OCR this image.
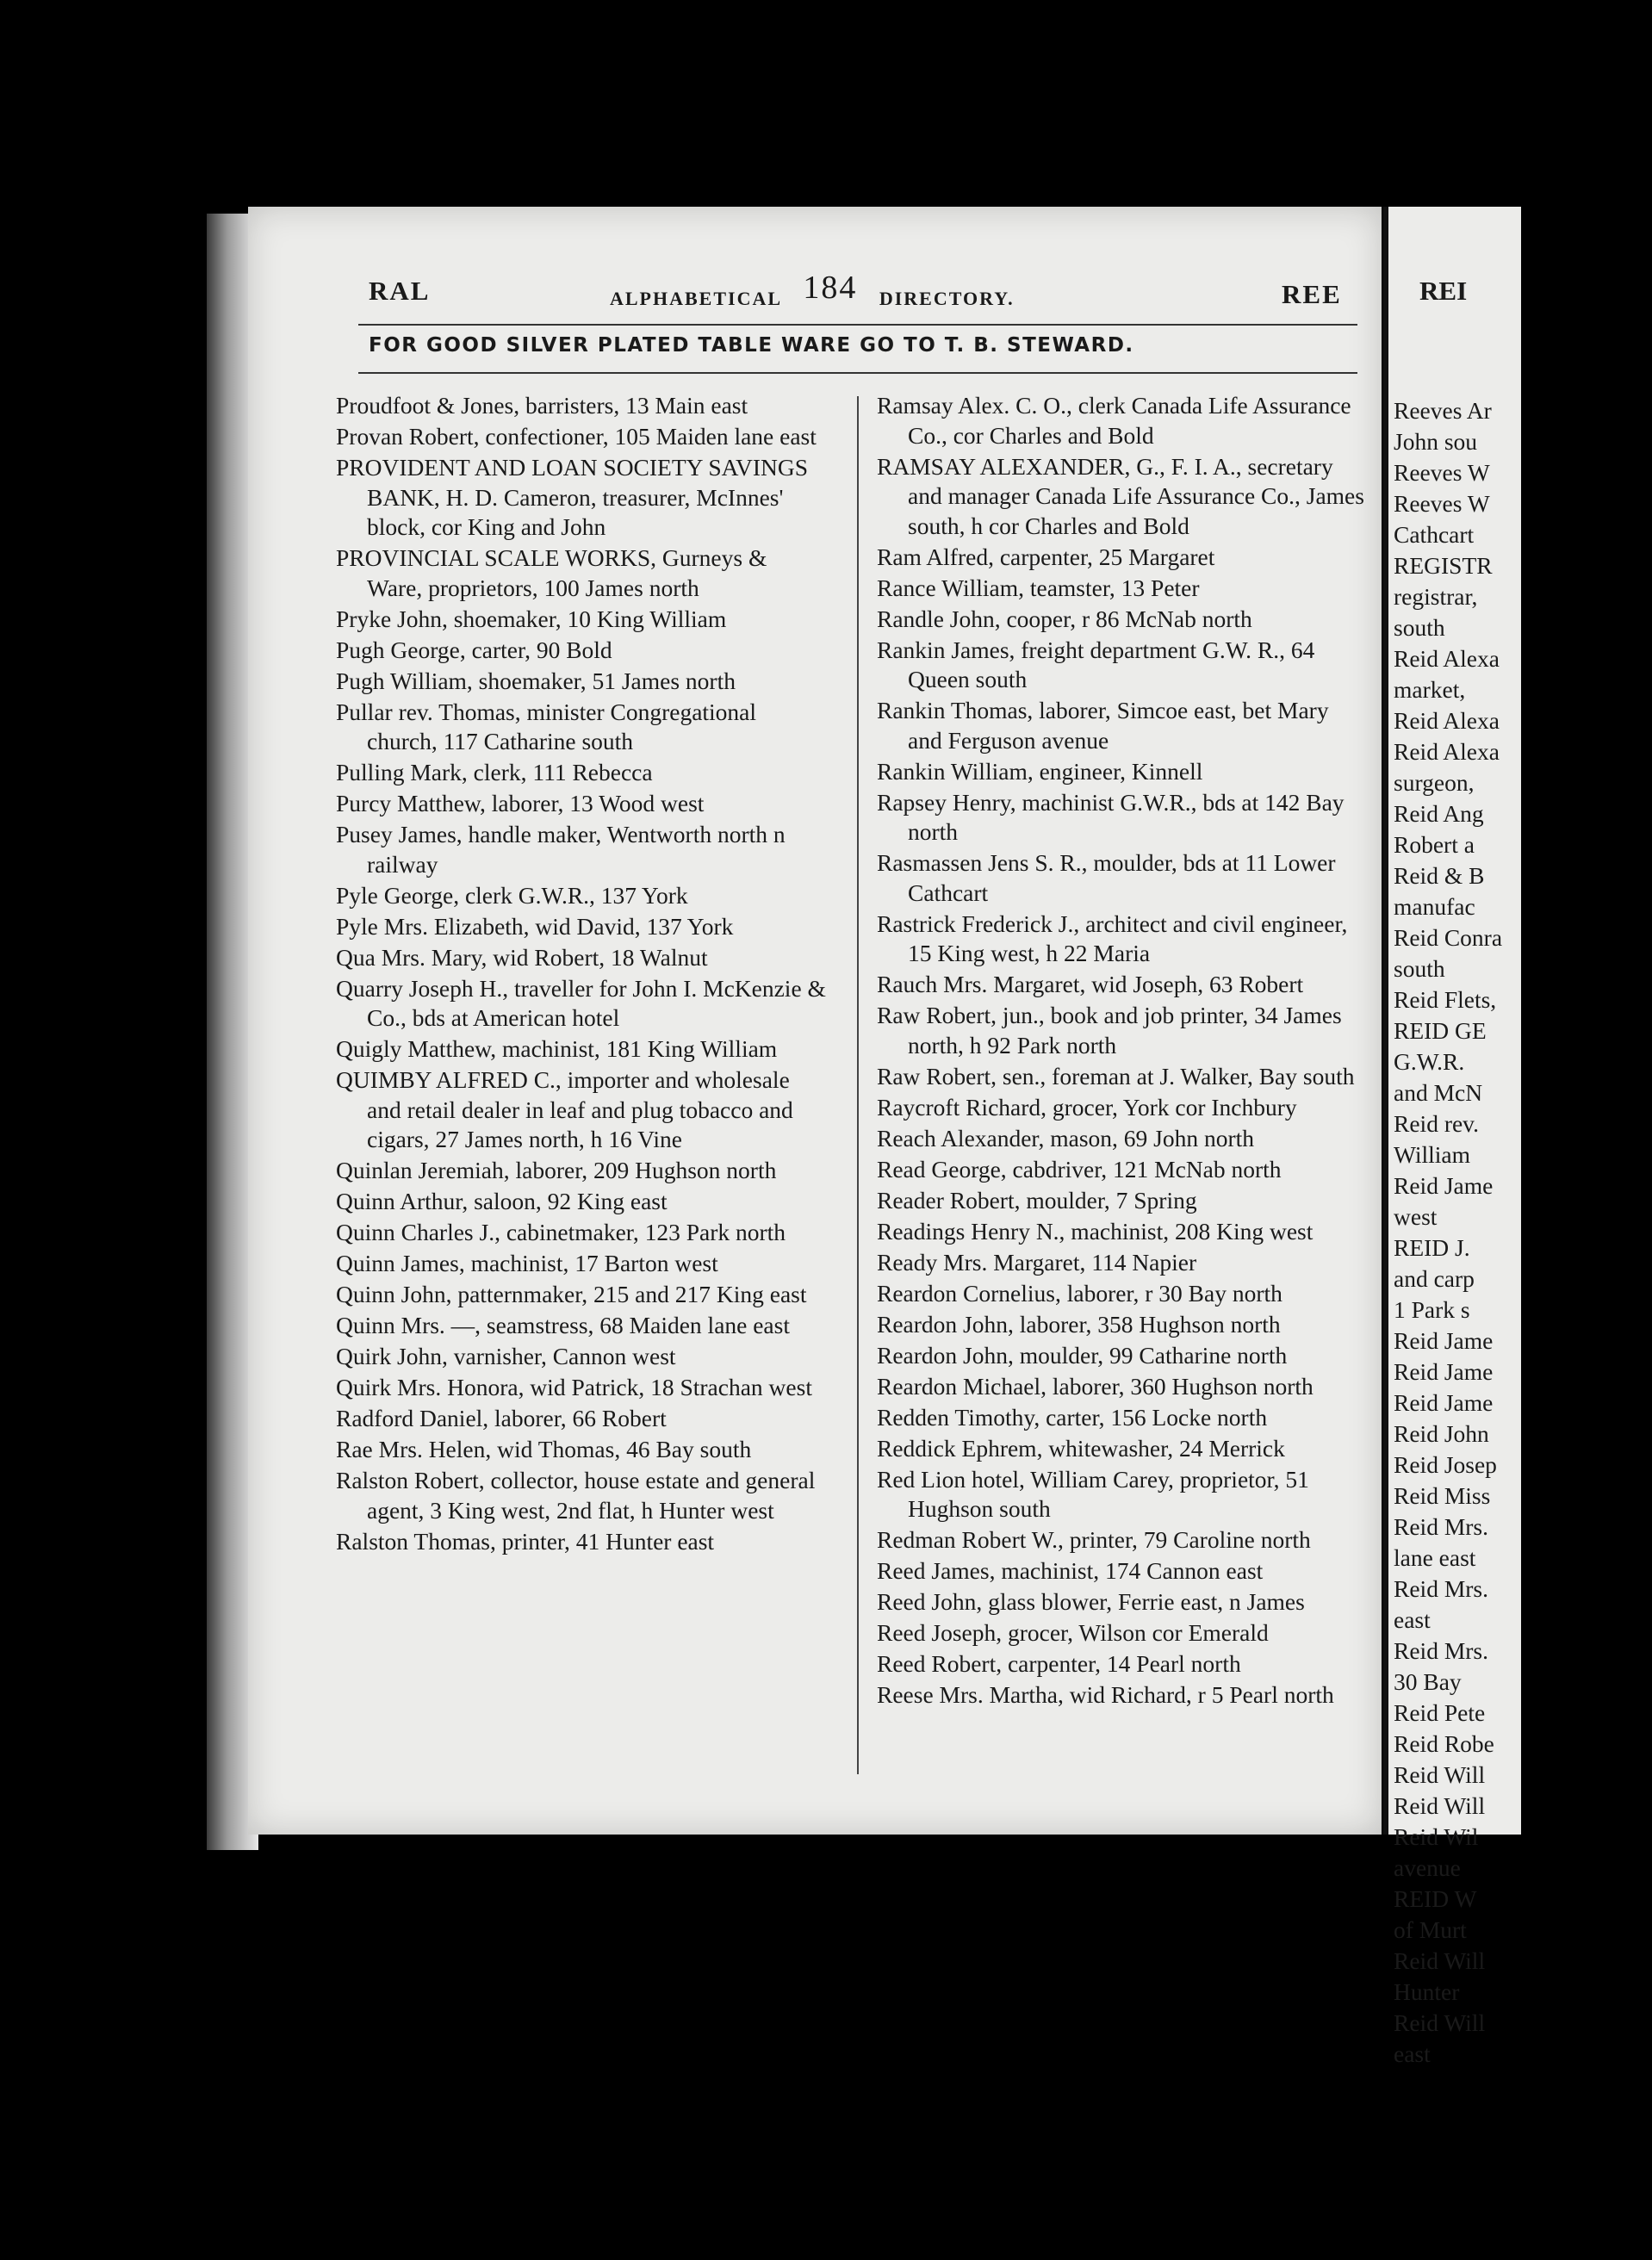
RAL	ALPHABETICAL 184 DIRECTORY.	REE
FOR GOOD SILVER PLATED TABLE WARE GO TO T. B. STEWARD.
Proudfoot & Jones, barristers, 13 Main east
Provan Robert, confectioner, 105 Maiden lane east
PROVIDENT AND LOAN SOCIETY SAVINGS BANK, H. D. Cameron, treasurer, McInnes' block, cor King and John
PROVINCIAL SCALE WORKS, Gurneys & Ware, proprietors, 100 James north
Pryke John, shoemaker, 10 King William
Pugh George, carter, 90 Bold
Pugh William, shoemaker, 51 James north
Pullar rev. Thomas, minister Congregational church, 117 Catharine south
Pulling Mark, clerk, 111 Rebecca
Purcy Matthew, laborer, 13 Wood west
Pusey James, handle maker, Wentworth north n railway
Pyle George, clerk G.W.R., 137 York
Pyle Mrs. Elizabeth, wid David, 137 York
Qua Mrs. Mary, wid Robert, 18 Walnut
Quarry Joseph H., traveller for John I. McKenzie & Co., bds at American hotel
Quigly Matthew, machinist, 181 King William
QUIMBY ALFRED C., importer and wholesale and retail dealer in leaf and plug tobacco and cigars, 27 James north, h 16 Vine
Quinlan Jeremiah, laborer, 209 Hughson north
Quinn Arthur, saloon, 92 King east
Quinn Charles J., cabinetmaker, 123 Park north
Quinn James, machinist, 17 Barton west
Quinn John, patternmaker, 215 and 217 King east
Quinn Mrs. —, seamstress, 68 Maiden lane east
Quirk John, varnisher, Cannon west
Quirk Mrs. Honora, wid Patrick, 18 Strachan west
Radford Daniel, laborer, 66 Robert
Rae Mrs. Helen, wid Thomas, 46 Bay south
Ralston Robert, collector, house estate and general agent, 3 King west, 2nd flat, h Hunter west
Ralston Thomas, printer, 41 Hunter east
Ramsay Alex. C. O., clerk Canada Life Assurance Co., cor Charles and Bold
RAMSAY ALEXANDER, G., F. I. A., secretary and manager Canada Life Assurance Co., James south, h cor Charles and Bold
Ram Alfred, carpenter, 25 Margaret
Rance William, teamster, 13 Peter
Randle John, cooper, r 86 McNab north
Rankin James, freight department G.W. R., 64 Queen south
Rankin Thomas, laborer, Simcoe east, bet Mary and Ferguson avenue
Rankin William, engineer, Kinnell
Rapsey Henry, machinist G.W.R., bds at 142 Bay north
Rasmassen Jens S. R., moulder, bds at 11 Lower Cathcart
Rastrick Frederick J., architect and civil engineer, 15 King west, h 22 Maria
Rauch Mrs. Margaret, wid Joseph, 63 Robert
Raw Robert, jun., book and job printer, 34 James north, h 92 Park north
Raw Robert, sen., foreman at J. Walker, Bay south
Raycroft Richard, grocer, York cor Inchbury
Reach Alexander, mason, 69 John north
Read George, cabdriver, 121 McNab north
Reader Robert, moulder, 7 Spring
Readings Henry N., machinist, 208 King west
Ready Mrs. Margaret, 114 Napier
Reardon Cornelius, laborer, r 30 Bay north
Reardon John, laborer, 358 Hughson north
Reardon John, moulder, 99 Catharine north
Reardon Michael, laborer, 360 Hughson north
Redden Timothy, carter, 156 Locke north
Reddick Ephrem, whitewasher, 24 Merrick
Red Lion hotel, William Carey, proprietor, 51 Hughson south
Redman Robert W., printer, 79 Caroline north
Reed James, machinist, 174 Cannon east
Reed John, glass blower, Ferrie east, n James
Reed Joseph, grocer, Wilson cor Emerald
Reed Robert, carpenter, 14 Pearl north
Reese Mrs. Martha, wid Richard, r 5 Pearl north
REI
Reeves Ar
John sou
Reeves W
Reeves W
Cathcart
REGISTR
registrar,
south
Reid Alexa
market,
Reid Alexa
Reid Alexa
surgeon,
Reid Ang
Robert a
Reid & B
manufac
Reid Conra
south
Reid Flets,
REID GE
G.W.R.
and McN
Reid rev.
William
Reid Jame
west
REID J.
and carp
1 Park s
Reid Jame
Reid Jame
Reid Jame
Reid John
Reid Josep
Reid Miss
Reid Mrs.
lane east
Reid Mrs.
east
Reid Mrs.
30 Bay
Reid Pete
Reid Robe
Reid Will
Reid Will
Reid Wil
avenue
REID W
of Murt
Reid Will
Hunter
Reid Will
east
